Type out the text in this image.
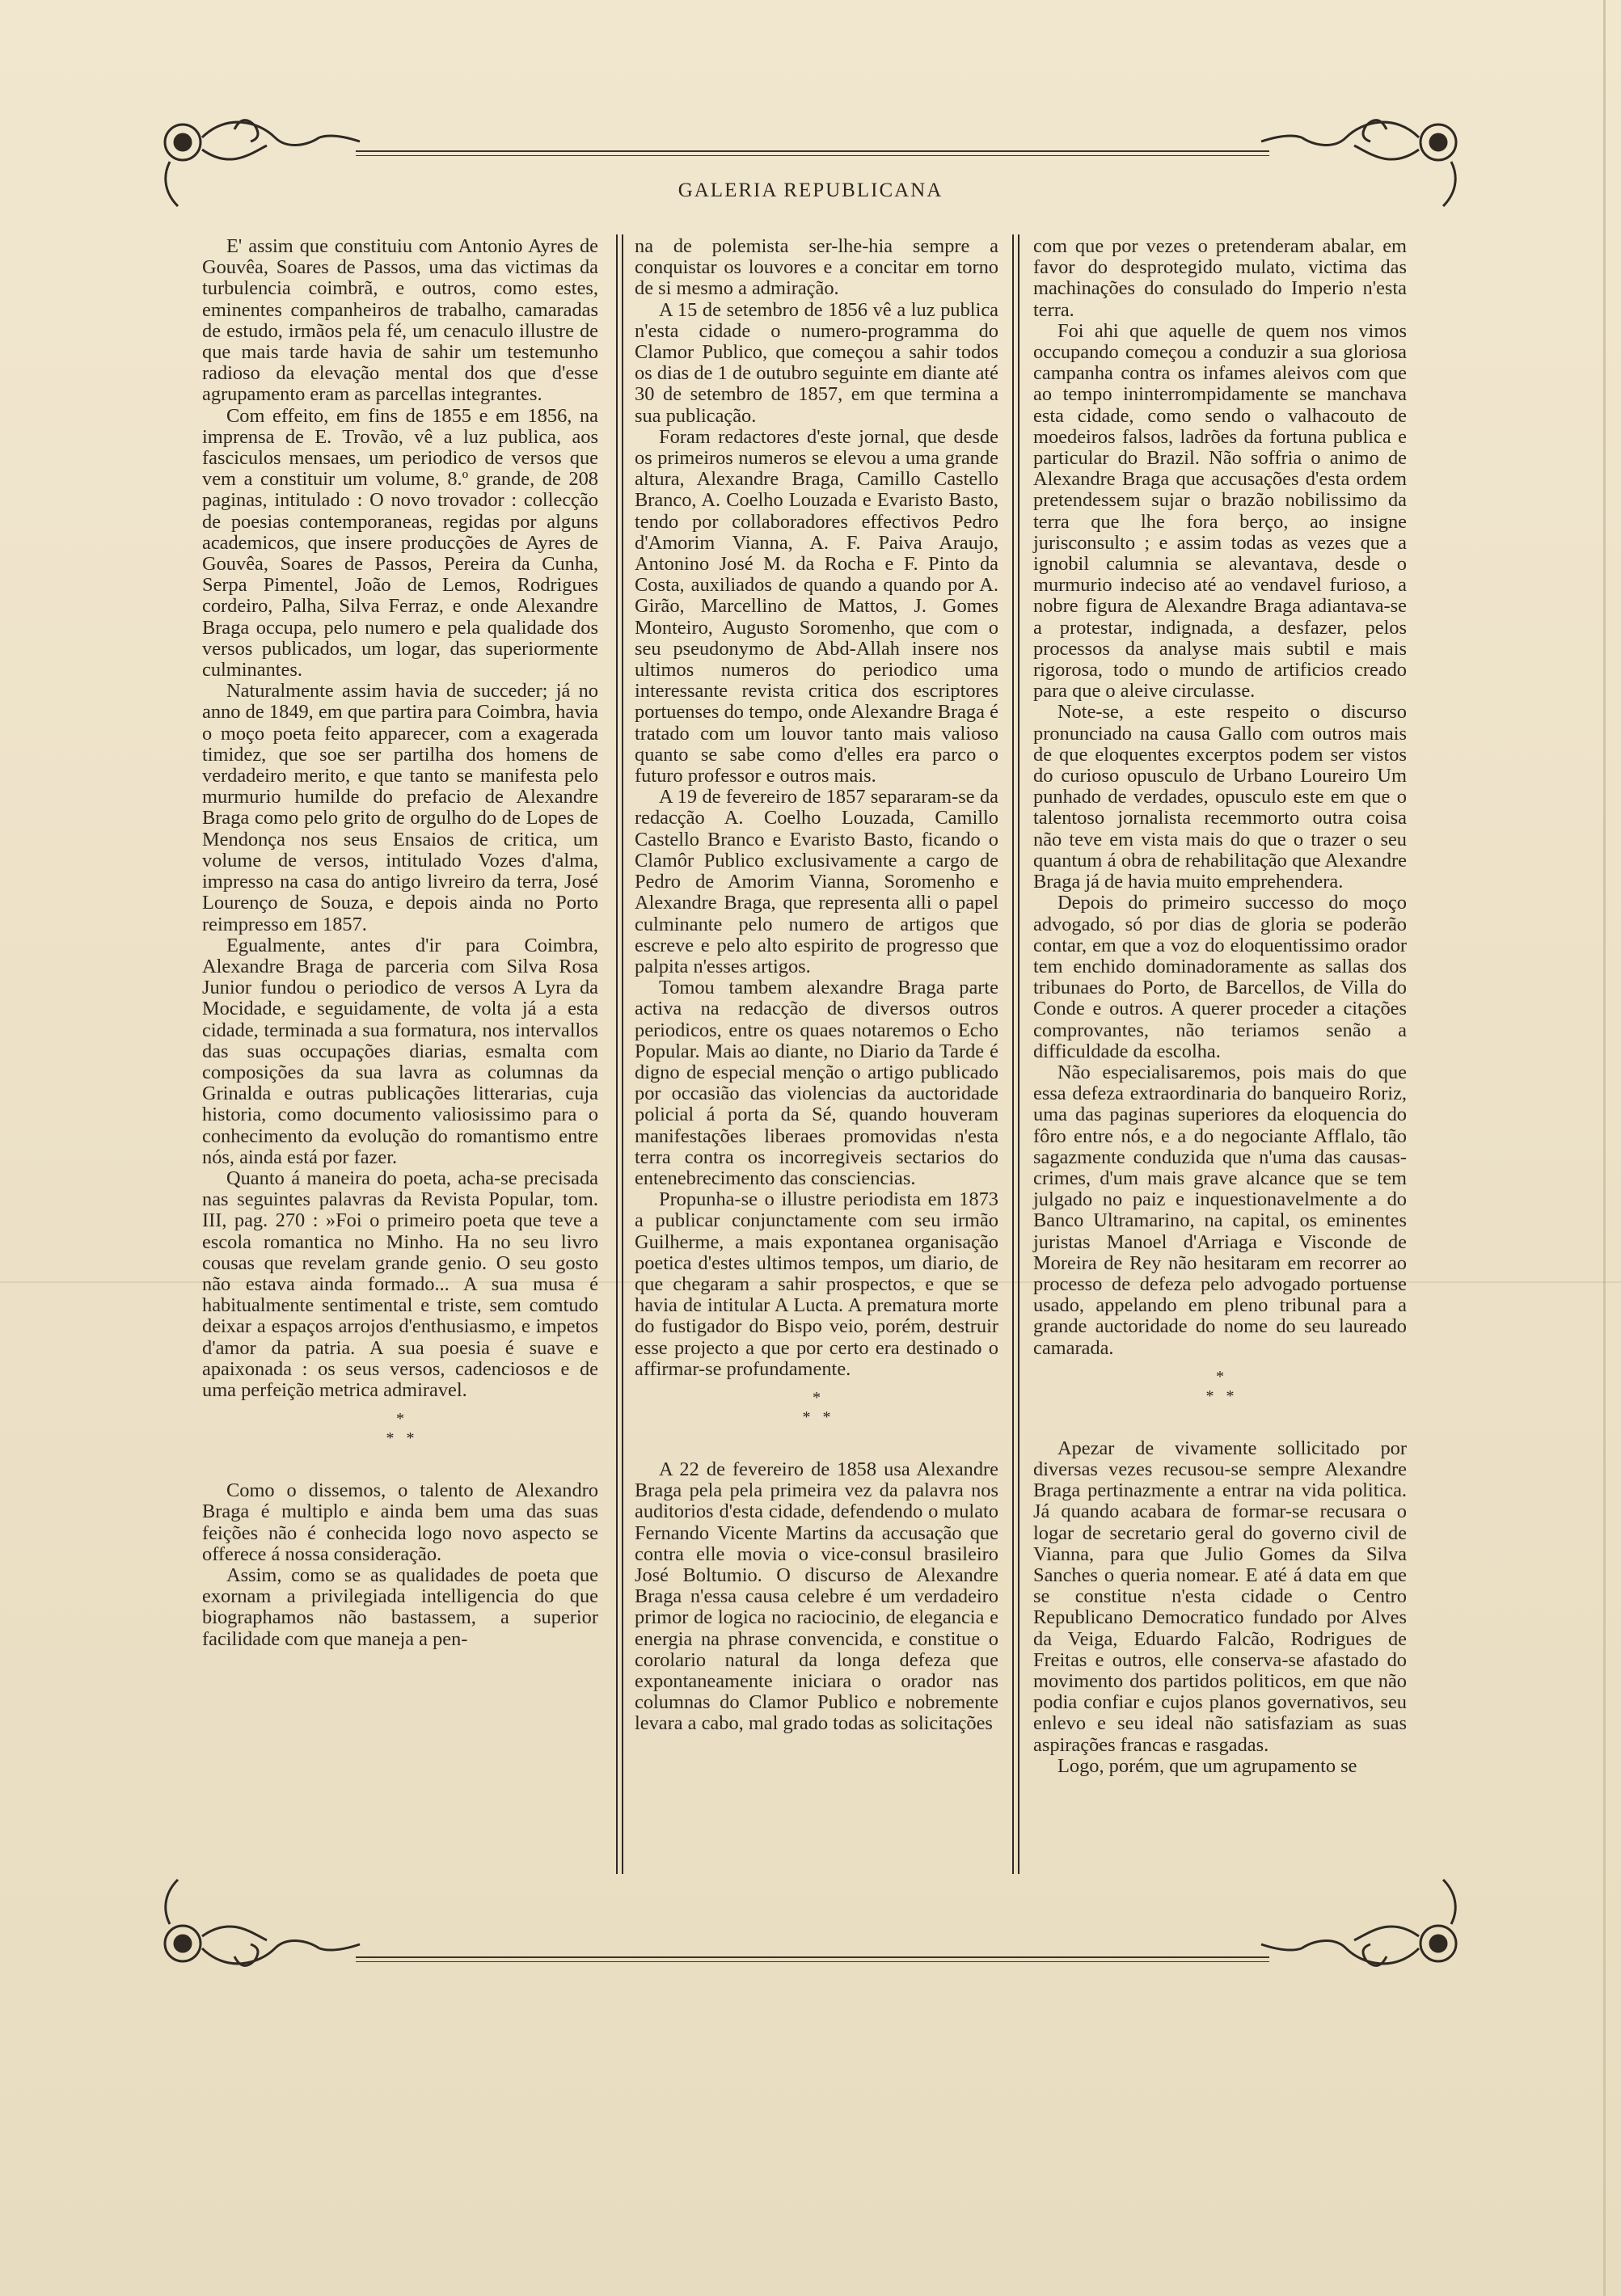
GALERIA REPUBLICANA

E' assim que constituiu com Antonio Ayres de Gouvêa, Soares de Passos, uma das victimas da turbulencia coimbrã, e outros, como estes, eminentes companheiros de trabalho, camaradas de estudo, irmãos pela fé, um cenaculo illustre de que mais tarde havia de sahir um testemunho radioso da elevação mental dos que d'esse agrupamento eram as parcellas integrantes.

Com effeito, em fins de 1855 e em 1856, na imprensa de E. Trovão, vê a luz publica, aos fasciculos mensaes, um periodico de versos que vem a constituir um volume, 8.º grande, de 208 paginas, intitulado : O novo trovador : collecção de poesias contemporaneas, regidas por alguns academicos, que insere producções de Ayres de Gouvêa, Soares de Passos, Pereira da Cunha, Serpa Pimentel, João de Lemos, Rodrigues cordeiro, Palha, Silva Ferraz, e onde Alexandre Braga occupa, pelo numero e pela qualidade dos versos publicados, um logar, das superiormente culminantes.

Naturalmente assim havia de succeder; já no anno de 1849, em que partira para Coimbra, havia o moço poeta feito apparecer, com a exagerada timidez, que soe ser partilha dos homens de verdadeiro merito, e que tanto se manifesta pelo murmurio humilde do prefacio de Alexandre Braga como pelo grito de orgulho do de Lopes de Mendonça nos seus Ensaios de critica, um volume de versos, intitulado Vozes d'alma, impresso na casa do antigo livreiro da terra, José Lourenço de Souza, e depois ainda no Porto reimpresso em 1857.

Egualmente, antes d'ir para Coimbra, Alexandre Braga de parceria com Silva Rosa Junior fundou o periodico de versos A Lyra da Mocidade, e seguidamente, de volta já a esta cidade, terminada a sua formatura, nos intervallos das suas occupações diarias, esmalta com composições da sua lavra as columnas da Grinalda e outras publicações litterarias, cuja historia, como documento valiosissimo para o conhecimento da evolução do romantismo entre nós, ainda está por fazer.

Quanto á maneira do poeta, acha-se precisada nas seguintes palavras da Revista Popular, tom. III, pag. 270 : »Foi o primeiro poeta que teve a escola romantica no Minho. Ha no seu livro cousas que revelam grande genio. O seu gosto não estava ainda formado... A sua musa é habitualmente sentimental e triste, sem comtudo deixar a espaços arrojos d'enthusiasmo, e impetos d'amor da patria. A sua poesia é suave e apaixonada : os seus versos, cadenciosos e de uma perfeição metrica admiravel.

*
*   *

Como o dissemos, o talento de Alexandro Braga é multiplo e ainda bem uma das suas feições não é conhecida logo novo aspecto se offerece á nossa consideração.

Assim, como se as qualidades de poeta que exornam a privilegiada intelligencia do que biographamos não bastassem, a superior facilidade com que maneja a pen-

na de polemista ser-lhe-hia sempre a conquistar os louvores e a concitar em torno de si mesmo a admiração.

A 15 de setembro de 1856 vê a luz publica n'esta cidade o numero-programma do Clamor Publico, que começou a sahir todos os dias de 1 de outubro seguinte em diante até 30 de setembro de 1857, em que termina a sua publicação.

Foram redactores d'este jornal, que desde os primeiros numeros se elevou a uma grande altura, Alexandre Braga, Camillo Castello Branco, A. Coelho Louzada e Evaristo Basto, tendo por collaboradores effectivos Pedro d'Amorim Vianna, A. F. Paiva Araujo, Antonino José M. da Rocha e F. Pinto da Costa, auxiliados de quando a quando por A. Girão, Marcellino de Mattos, J. Gomes Monteiro, Augusto Soromenho, que com o seu pseudonymo de Abd-Allah insere nos ultimos numeros do periodico uma interessante revista critica dos escriptores portuenses do tempo, onde Alexandre Braga é tratado com um louvor tanto mais valioso quanto se sabe como d'elles era parco o futuro professor e outros mais.

A 19 de fevereiro de 1857 separaram-se da redacção A. Coelho Louzada, Camillo Castello Branco e Evaristo Basto, ficando o Clamôr Publico exclusivamente a cargo de Pedro de Amorim Vianna, Soromenho e Alexandre Braga, que representa alli o papel culminante pelo numero de artigos que escreve e pelo alto espirito de progresso que palpita n'esses artigos.

Tomou tambem alexandre Braga parte activa na redacção de diversos outros periodicos, entre os quaes notaremos o Echo Popular. Mais ao diante, no Diario da Tarde é digno de especial menção o artigo publicado por occasião das violencias da auctoridade policial á porta da Sé, quando houveram manifestações liberaes promovidas n'esta terra contra os incorregiveis sectarios do entenebrecimento das consciencias.

Propunha-se o illustre periodista em 1873 a publicar conjunctamente com seu irmão Guilherme, a mais expontanea organisação poetica d'estes ultimos tempos, um diario, de que chegaram a sahir prospectos, e que se havia de intitular A Lucta. A prematura morte do fustigador do Bispo veio, porém, destruir esse projecto a que por certo era destinado o affirmar-se profundamente.

*
*   *

A 22 de fevereiro de 1858 usa Alexandre Braga pela pela primeira vez da palavra nos auditorios d'esta cidade, defendendo o mulato Fernando Vicente Martins da accusação que contra elle movia o vice-consul brasileiro José Boltumio. O discurso de Alexandre Braga n'essa causa celebre é um verdadeiro primor de logica no raciocinio, de elegancia e energia na phrase convencida, e constitue o corolario natural da longa defeza que expontaneamente iniciara o orador nas columnas do Clamor Publico e nobremente levara a cabo, mal grado todas as solicitações

com que por vezes o pretenderam abalar, em favor do desprotegido mulato, victima das machinações do consulado do Imperio n'esta terra.

Foi ahi que aquelle de quem nos vimos occupando começou a conduzir a sua gloriosa campanha contra os infames aleivos com que ao tempo ininterrompidamente se manchava esta cidade, como sendo o valhacouto de moedeiros falsos, ladrões da fortuna publica e particular do Brazil. Não soffria o animo de Alexandre Braga que accusações d'esta ordem pretendessem sujar o brazão nobilissimo da terra que lhe fora berço, ao insigne jurisconsulto ; e assim todas as vezes que a ignobil calumnia se alevantava, desde o murmurio indeciso até ao vendavel furioso, a nobre figura de Alexandre Braga adiantava-se a protestar, indignada, a desfazer, pelos processos da analyse mais subtil e mais rigorosa, todo o mundo de artificios creado para que o aleive circulasse.

Note-se, a este respeito o discurso pronunciado na causa Gallo com outros mais de que eloquentes excerptos podem ser vistos do curioso opusculo de Urbano Loureiro Um punhado de verdades, opusculo este em que o talentoso jornalista recemmorto outra coisa não teve em vista mais do que o trazer o seu quantum á obra de rehabilitação que Alexandre Braga já de havia muito emprehendera.

Depois do primeiro successo do moço advogado, só por dias de gloria se poderão contar, em que a voz do eloquentissimo orador tem enchido dominadoramente as sallas dos tribunaes do Porto, de Barcellos, de Villa do Conde e outros. A querer proceder a citações comprovantes, não teriamos senão a difficuldade da escolha.

Não especialisaremos, pois mais do que essa defeza extraordinaria do banqueiro Roriz, uma das paginas superiores da eloquencia do fôro entre nós, e a do negociante Afflalo, tão sagazmente conduzida que n'uma das causas-crimes, d'um mais grave alcance que se tem julgado no paiz e inquestionavelmente a do Banco Ultramarino, na capital, os eminentes juristas Manoel d'Arriaga e Visconde de Moreira de Rey não hesitaram em recorrer ao processo de defeza pelo advogado portuense usado, appelando em pleno tribunal para a grande auctoridade do nome do seu laureado camarada.

*
*   *

Apezar de vivamente sollicitado por diversas vezes recusou-se sempre Alexandre Braga pertinazmente a entrar na vida politica. Já quando acabara de formar-se recusara o logar de secretario geral do governo civil de Vianna, para que Julio Gomes da Silva Sanches o queria nomear. E até á data em que se constitue n'esta cidade o Centro Republicano Democratico fundado por Alves da Veiga, Eduardo Falcão, Rodrigues de Freitas e outros, elle conserva-se afastado do movimento dos partidos politicos, em que não podia confiar e cujos planos governativos, seu enlevo e seu ideal não satisfaziam as suas aspirações francas e rasgadas.

Logo, porém, que um agrupamento se
